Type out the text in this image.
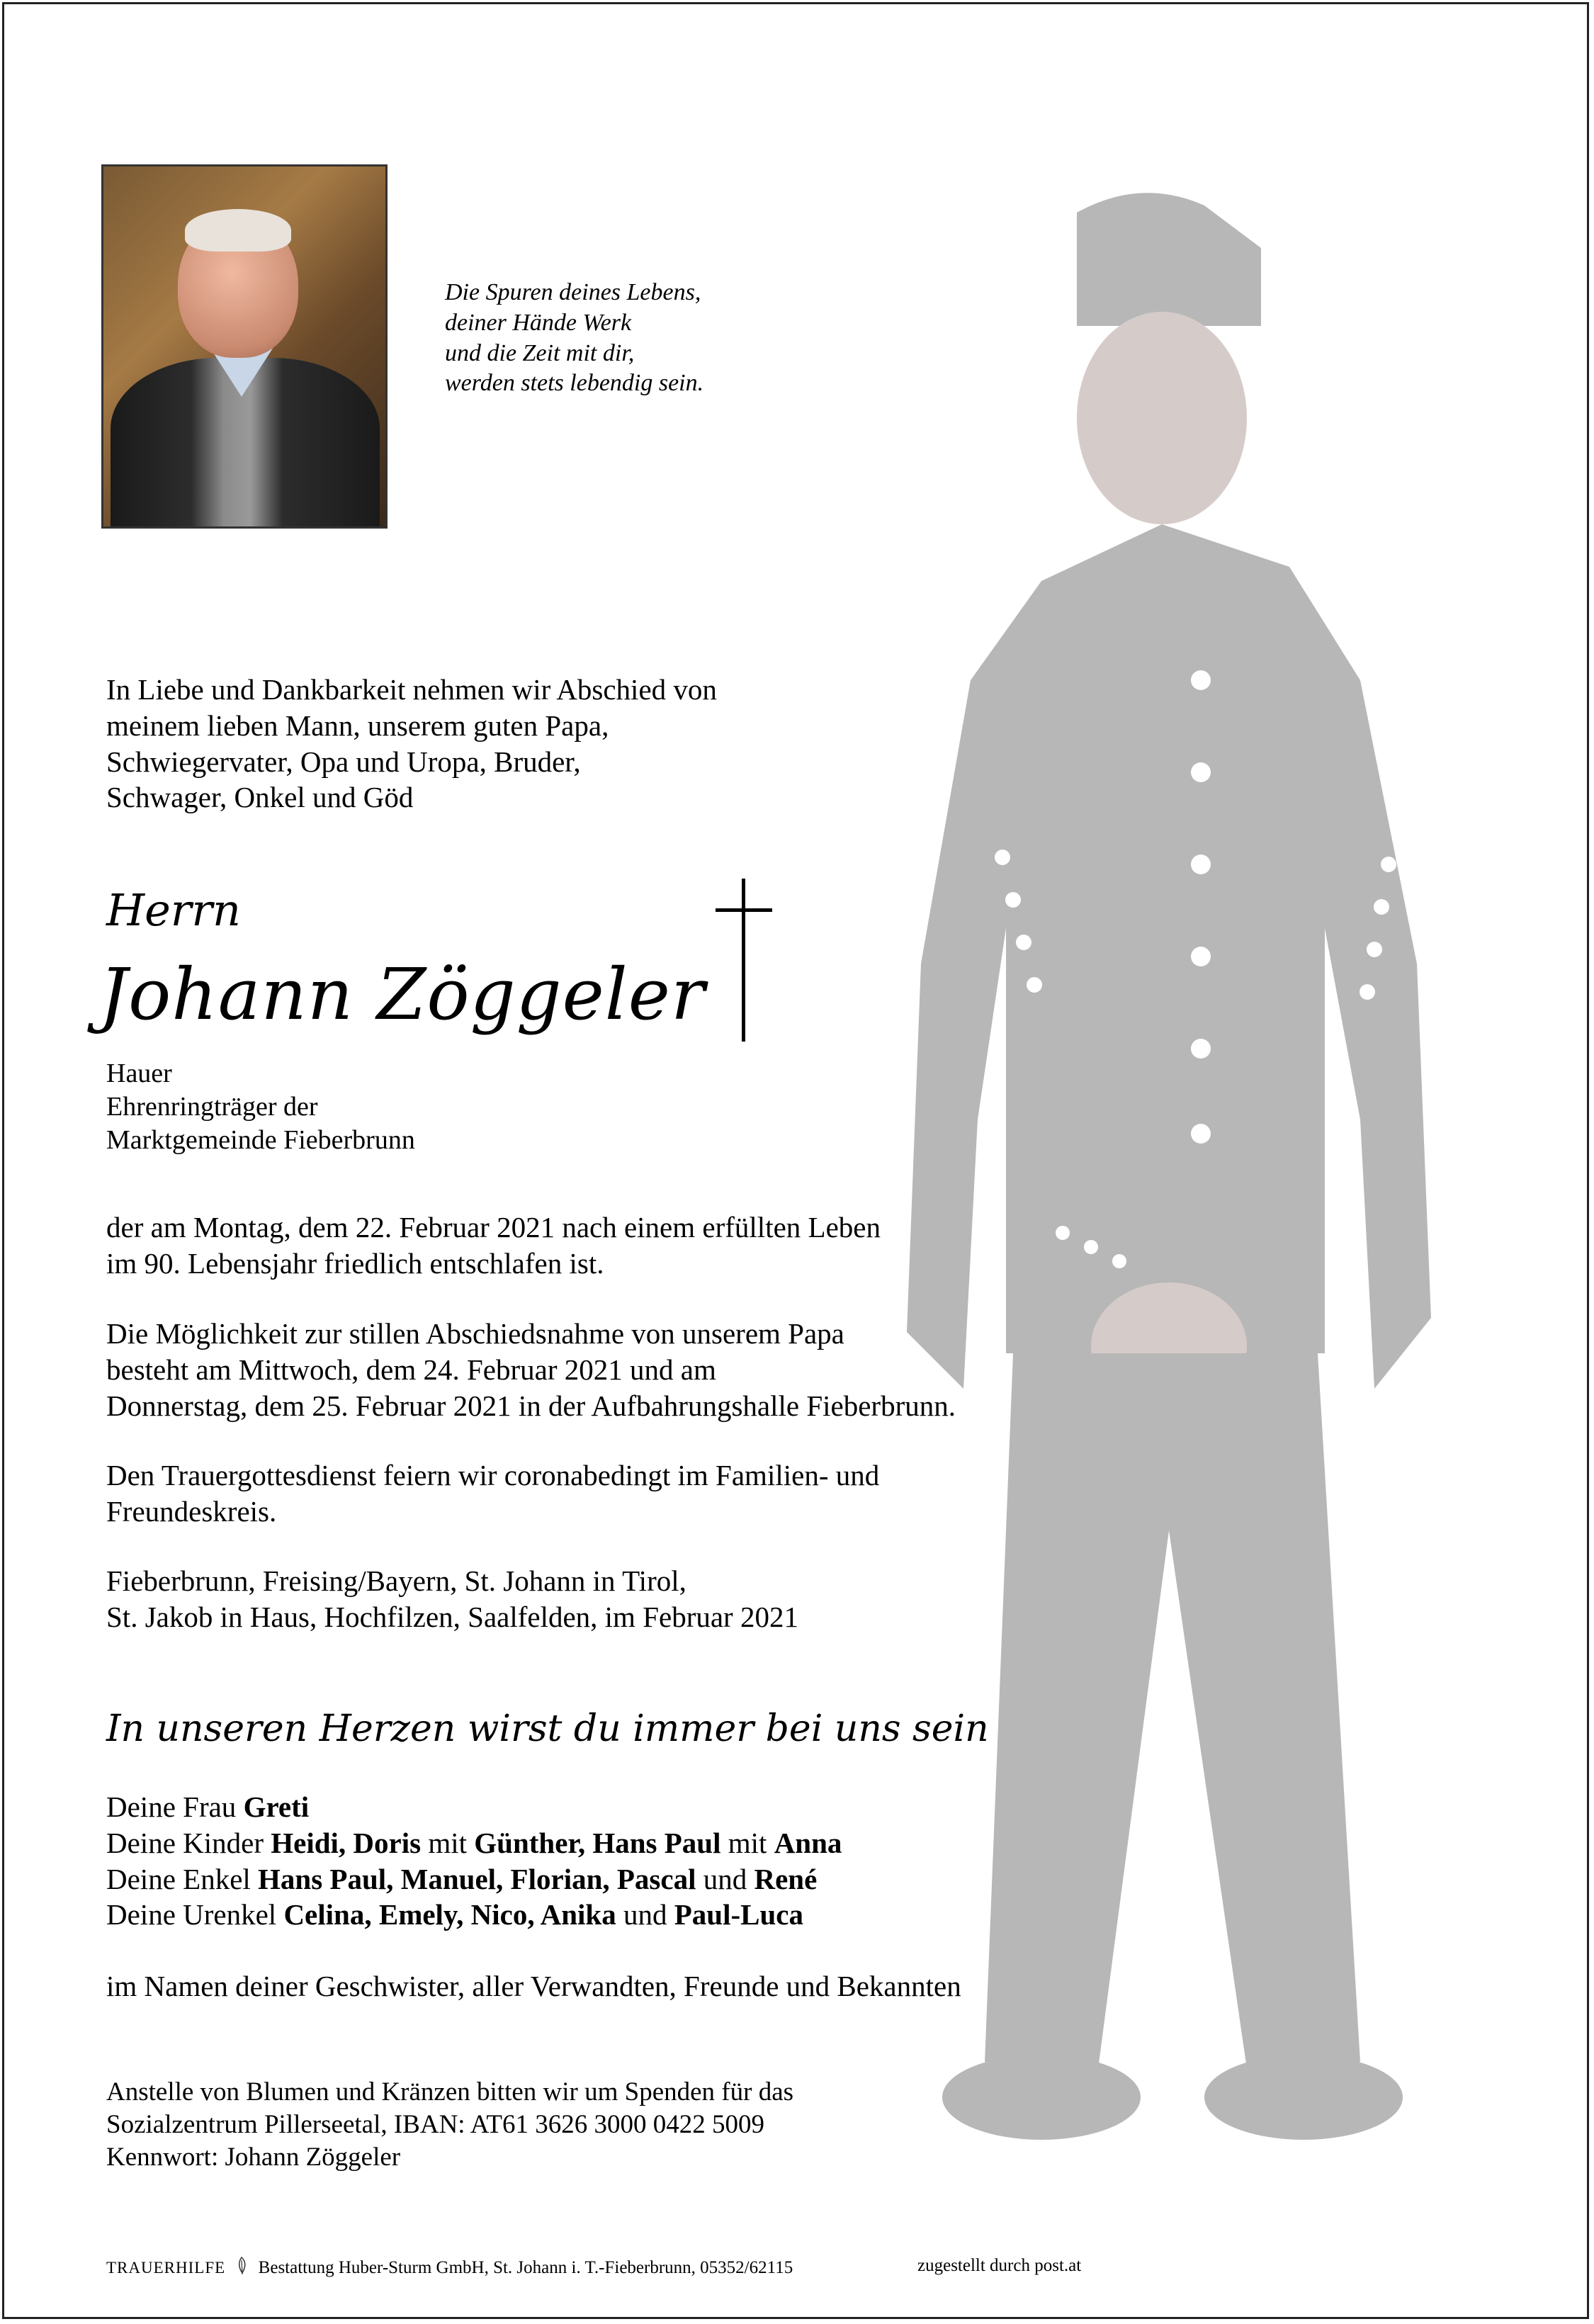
Die Spuren deines Lebens,
deiner Hände Werk
und die Zeit mit dir,
werden stets lebendig sein.
In Liebe und Dankbarkeit nehmen wir Abschied von
meinem lieben Mann, unserem guten Papa,
Schwiegervater, Opa und Uropa, Bruder,
Schwager, Onkel und Göd
Herrn
Johann Zöggeler
Hauer
Ehrenringträger der
Marktgemeinde Fieberbrunn
der am Montag, dem 22. Februar 2021 nach einem erfüllten Leben
im 90. Lebensjahr friedlich entschlafen ist.
Die Möglichkeit zur stillen Abschiedsnahme von unserem Papa
besteht am Mittwoch, dem 24. Februar 2021 und am
Donnerstag, dem 25. Februar 2021 in der Aufbahrungshalle Fieberbrunn.
Den Trauergottesdienst feiern wir coronabedingt im Familien- und
Freundeskreis.
Fieberbrunn, Freising/Bayern, St. Johann in Tirol,
St. Jakob in Haus, Hochfilzen, Saalfelden, im Februar 2021
In unseren Herzen wirst du immer bei uns sein
Deine Frau Greti
Deine Kinder Heidi, Doris mit Günther, Hans Paul mit Anna
Deine Enkel Hans Paul, Manuel, Florian, Pascal und René
Deine Urenkel Celina, Emely, Nico, Anika und Paul-Luca
im Namen deiner Geschwister, aller Verwandten, Freunde und Bekannten
Anstelle von Blumen und Kränzen bitten wir um Spenden für das
Sozialzentrum Pillerseetal, IBAN: AT61 3626 3000 0422 5009
Kennwort: Johann Zöggeler
TRAUERHILFE Bestattung Huber-Sturm GmbH, St. Johann i. T.-Fieberbrunn, 05352/62115	zugestellt durch post.at
